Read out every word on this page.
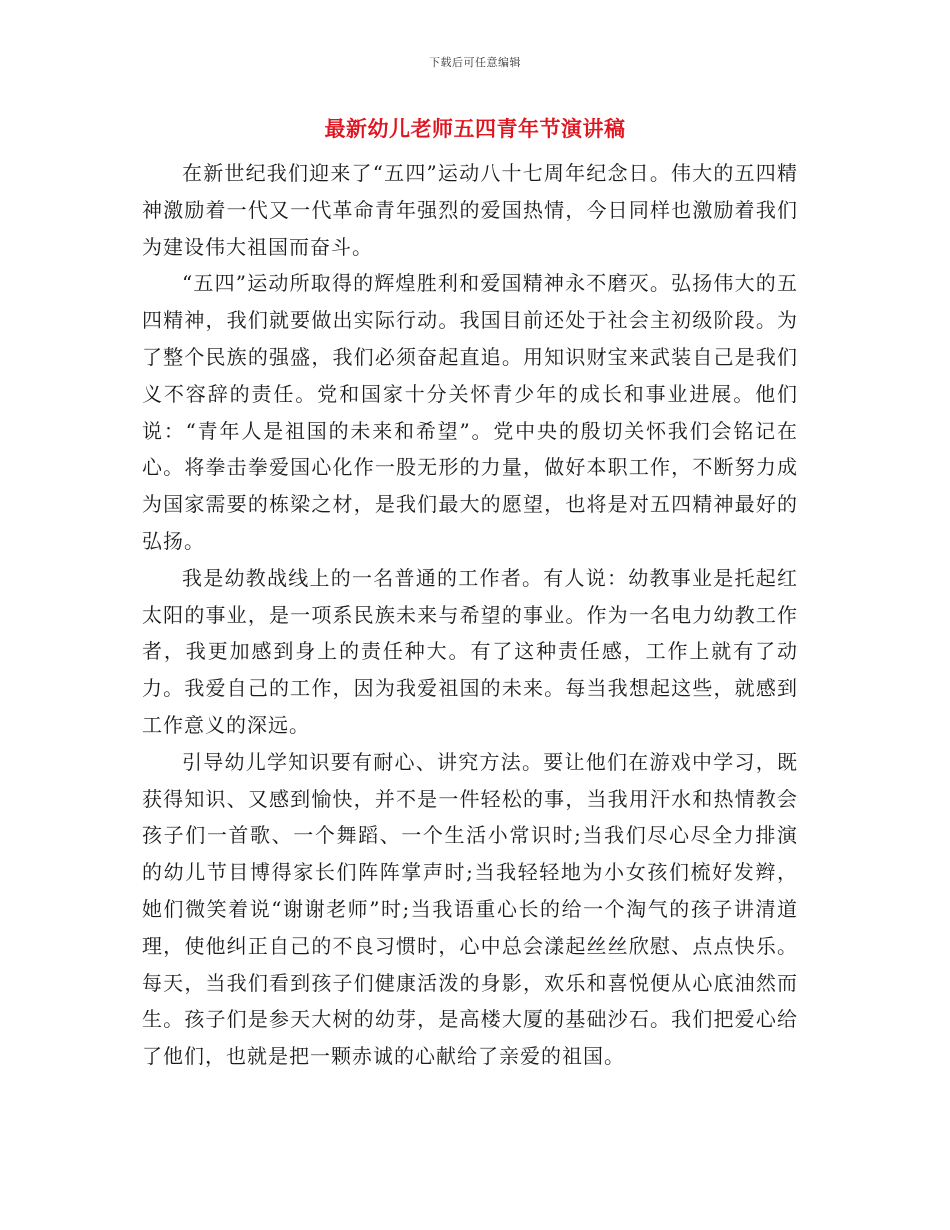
下载后可任意编辑
最新幼儿老师五四青年节演讲稿

在新世纪我们迎来了“五四”运动八十七周年纪念日。伟大的五四精神激励着一代又一代革命青年强烈的爱国热情，今日同样也激励着我们为建设伟大祖国而奋斗。

“五四”运动所取得的辉煌胜利和爱国精神永不磨灭。弘扬伟大的五四精神，我们就要做出实际行动。我国目前还处于社会主初级阶段。为了整个民族的强盛，我们必须奋起直追。用知识财宝来武装自己是我们义不容辞的责任。党和国家十分关怀青少年的成长和事业进展。他们说：“青年人是祖国的未来和希望”。党中央的殷切关怀我们会铭记在心。将拳击拳爱国心化作一股无形的力量，做好本职工作，不断努力成为国家需要的栋梁之材，是我们最大的愿望，也将是对五四精神最好的弘扬。

我是幼教战线上的一名普通的工作者。有人说：幼教事业是托起红太阳的事业，是一项系民族未来与希望的事业。作为一名电力幼教工作者，我更加感到身上的责任种大。有了这种责任感，工作上就有了动力。我爱自己的工作，因为我爱祖国的未来。每当我想起这些，就感到工作意义的深远。

引导幼儿学知识要有耐心、讲究方法。要让他们在游戏中学习，既获得知识、又感到愉快，并不是一件轻松的事，当我用汗水和热情教会孩子们一首歌、一个舞蹈、一个生活小常识时;当我们尽心尽全力排演的幼儿节目博得家长们阵阵掌声时;当我轻轻地为小女孩们梳好发辫，她们微笑着说“谢谢老师”时;当我语重心长的给一个淘气的孩子讲清道理，使他纠正自己的不良习惯时，心中总会漾起丝丝欣慰、点点快乐。每天，当我们看到孩子们健康活泼的身影，欢乐和喜悦便从心底油然而生。孩子们是参天大树的幼芽，是高楼大厦的基础沙石。我们把爱心给了他们，也就是把一颗赤诚的心献给了亲爱的祖国。
